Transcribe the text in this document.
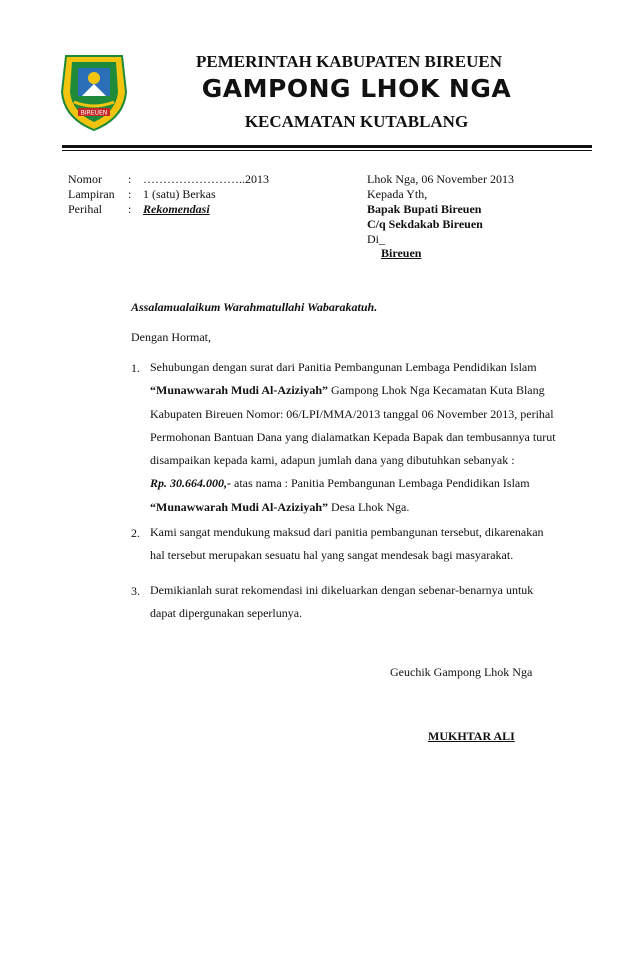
BIREUEN
PEMERINTAH KABUPATEN BIREUEN
GAMPONG LHOK NGA
KECAMATAN KUTABLANG
Nomor : ……………………..2013
Lampiran : 1 (satu) Berkas
Perihal : Rekomendasi
Lhok Nga, 06 November 2013
Kepada Yth,
Bapak Bupati Bireuen
C/q Sekdakab Bireuen
Di_
Bireuen
Assalamualaikum Warahmatullahi Wabarakatuh.
Dengan Hormat,
1. Sehubungan dengan surat dari Panitia Pembangunan Lembaga Pendidikan Islam
“Munawwarah Mudi Al-Aziziyah” Gampong Lhok Nga Kecamatan Kuta Blang
Kabupaten Bireuen Nomor: 06/LPI/MMA/2013 tanggal 06 November 2013, perihal
Permohonan Bantuan Dana yang dialamatkan Kepada Bapak dan tembusannya turut
disampaikan kepada kami, adapun jumlah dana yang dibutuhkan sebanyak :
Rp. 30.664.000,- atas nama : Panitia Pembangunan Lembaga Pendidikan Islam
“Munawwarah Mudi Al-Aziziyah” Desa Lhok Nga.
2. Kami sangat mendukung maksud dari panitia pembangunan tersebut, dikarenakan
hal tersebut merupakan sesuatu hal yang sangat mendesak bagi masyarakat.
3. Demikianlah surat rekomendasi ini dikeluarkan dengan sebenar-benarnya untuk
dapat dipergunakan seperlunya.
Geuchik Gampong Lhok Nga
MUKHTAR ALI
